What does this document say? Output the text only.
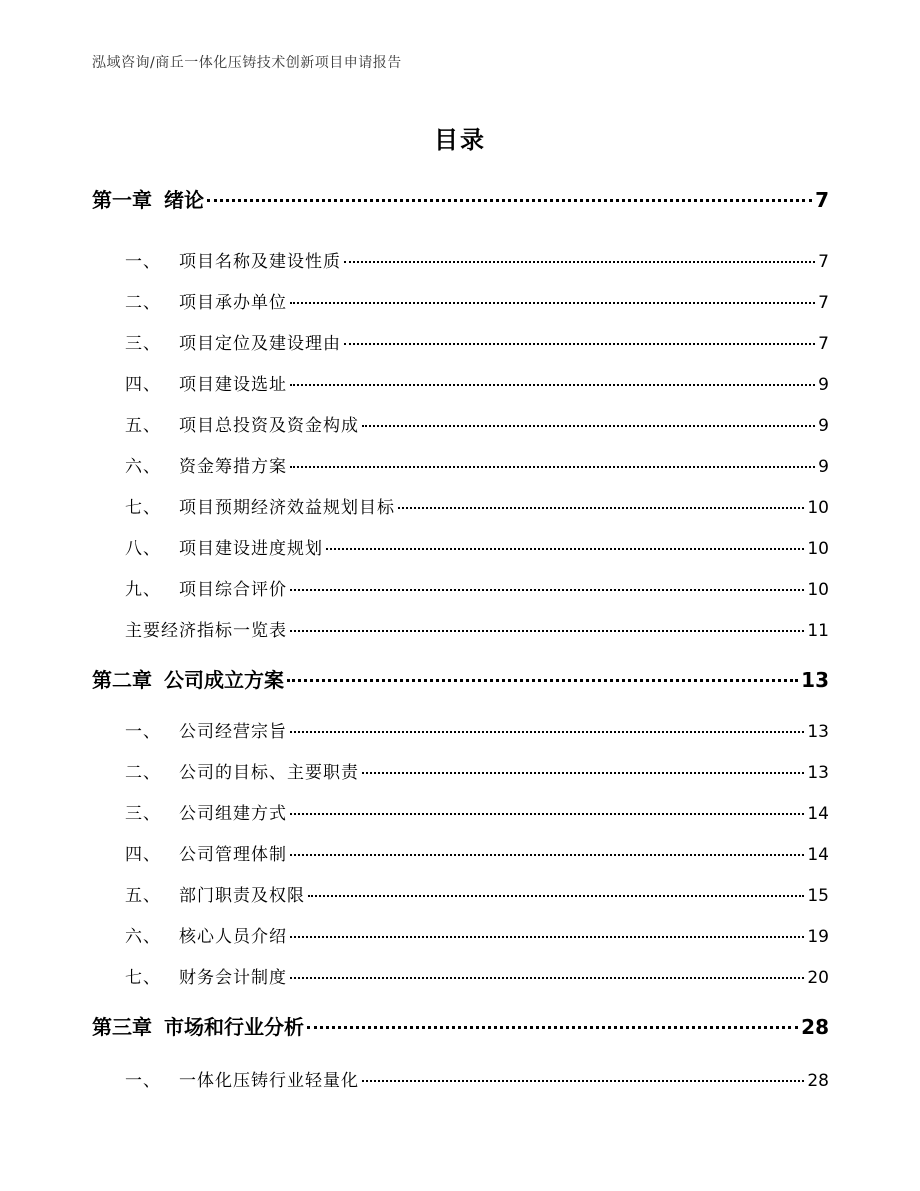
泓域咨询/商丘一体化压铸技术创新项目申请报告
目录
第一章 绪论	7
一、 项目名称及建设性质	7
二、 项目承办单位	7
三、 项目定位及建设理由	7
四、 项目建设选址	9
五、 项目总投资及资金构成	9
六、 资金筹措方案	9
七、 项目预期经济效益规划目标	10
八、 项目建设进度规划	10
九、 项目综合评价	10
主要经济指标一览表	11
第二章 公司成立方案	13
一、 公司经营宗旨	13
二、 公司的目标、主要职责	13
三、 公司组建方式	14
四、 公司管理体制	14
五、 部门职责及权限	15
六、 核心人员介绍	19
七、 财务会计制度	20
第三章 市场和行业分析	28
一、 一体化压铸行业轻量化	28
